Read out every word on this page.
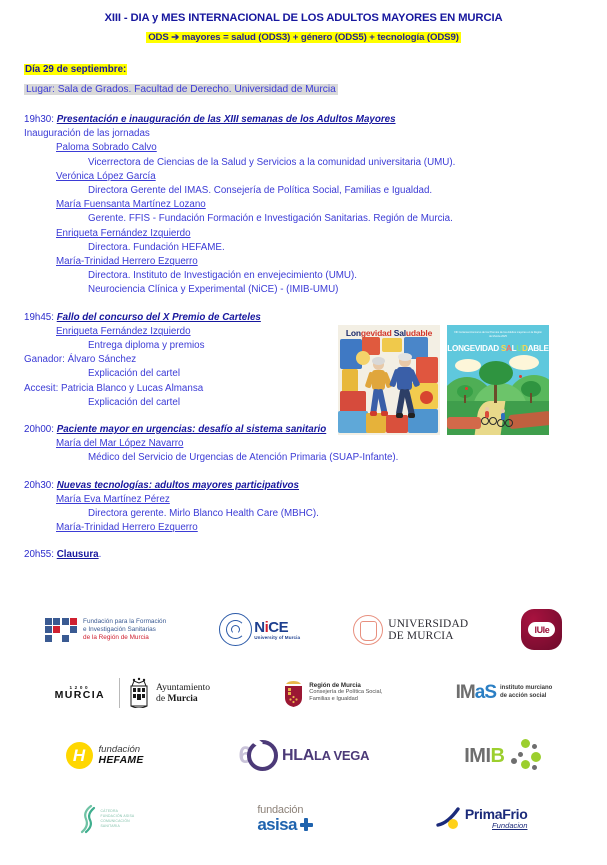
XIII - DIA y MES INTERNACIONAL DE LOS ADULTOS MAYORES EN MURCIA
ODS ➔ mayores = salud (ODS3) + género (ODS5) + tecnología (ODS9)
Día 29 de septiembre:
Lugar: Sala de Grados. Facultad de Derecho. Universidad de Murcia
19h30: Presentación e inauguración de las XIII semanas de los Adultos Mayores
Inauguración de las jornadas
Paloma Sobrado Calvo
Vicerrectora de Ciencias de la Salud y Servicios a la comunidad universitaria (UMU).
Verónica López García
Directora Gerente del IMAS. Consejería de Política Social, Familias e Igualdad.
María Fuensanta Martínez Lozano
Gerente. FFIS - Fundación Formación e Investigación Sanitarias. Región de Murcia.
Enriqueta Fernández Izquierdo
Directora. Fundación HEFAME.
María-Trinidad Herrero Ezquerro
Directora. Instituto de Investigación en envejecimiento (UMU).
Neurociencia Clínica y Experimental (NiCE) - (IMIB-UMU)
19h45: Fallo del concurso del X Premio de Carteles
Enriqueta Fernández Izquierdo
Entrega diploma y premios
Ganador: Álvaro Sánchez
Explicación del cartel
Accesit: Patricia Blanco y Lucas Almansa
Explicación del cartel
20h00: Paciente mayor en urgencias: desafío al sistema sanitario
María del Mar López Navarro
Médico del Servicio de Urgencias de Atención Primaria (SUAP-Infante).
20h30: Nuevas tecnologías: adultos mayores participativos
María Eva Martínez Pérez
Directora gerente. Mirlo Blanco Health Care (MBHC).
María-Trinidad Herrero Ezquerro
20h55: Clausura.
Longevidad Saludable	XIII Certamen/concurso de los Premios de los Adultos mayores en la Región de Murcia 2025
LONGEVIDAD SALUDABLE
Fundación para la Formación
e Investigación Sanitarias
de la Región de Murcia
NiCE
University of Murcia
UNIVERSIDAD
DE MURCIA	IUIe
1200
MURCIA
Ayuntamiento
de Murcia
Región de Murcia
Consejería de Política Social,
Familias e Igualdad	IMaS instituto murciano
de acción social
H fundación
HEFAME	6 HLALA VEGA	IMIB
CÁTEDRA
FUNDACIÓN ASISA
COMUNICACIÓN
SANITARIA
fundación
asisa
PrimaFrio
Fundacion
